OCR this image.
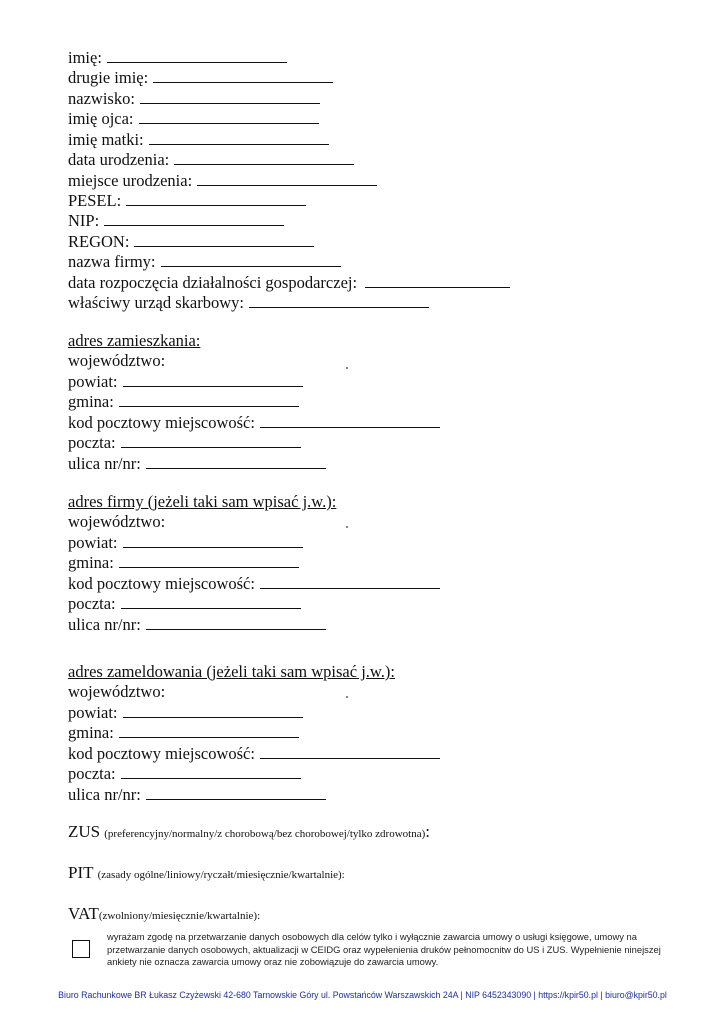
imię:
drugie imię:
nazwisko:
imię ojca:
imię matki:
data urodzenia:
miejsce urodzenia:
PESEL:
NIP:
REGON:
nazwa firmy:
data rozpoczęcia działalności gospodarczej:
właściwy urząd skarbowy:
adres zamieszkania:
województwo:
powiat:
gmina:
kod pocztowy miejscowość:
poczta:
ulica nr/nr:
adres firmy (jeżeli taki sam wpisać j.w.):
województwo:
powiat:
gmina:
kod pocztowy miejscowość:
poczta:
ulica nr/nr:
adres zameldowania (jeżeli taki sam wpisać j.w.):
województwo:
powiat:
gmina:
kod pocztowy miejscowość:
poczta:
ulica nr/nr:
ZUS (preferencyjny/normalny/z chorobową/bez chorobowej/tylko zdrowotna):
PIT (zasady ogólne/liniowy/ryczałt/miesięcznie/kwartalnie):
VAT(zwolniony/miesięcznie/kwartalnie):
wyrażam zgodę na przetwarzanie danych osobowych dla celów tylko i wyłącznie zawarcia umowy o usługi księgowe, umowy na przetwarzanie danych osobowych, aktualizacji w CEIDG oraz wypełenienia druków pełnomocnitw do US i ZUS. Wypełnienie ninejszej ankiety nie oznacza zawarcia umowy oraz nie zobowiązuje do zawarcia umowy.
Biuro Rachunkowe BR Łukasz Czyżewski 42-680 Tarnowskie Góry ul. Powstańców Warszawskich 24A | NIP 6452343090 | https://kpir50.pl | biuro@kpir50.pl
